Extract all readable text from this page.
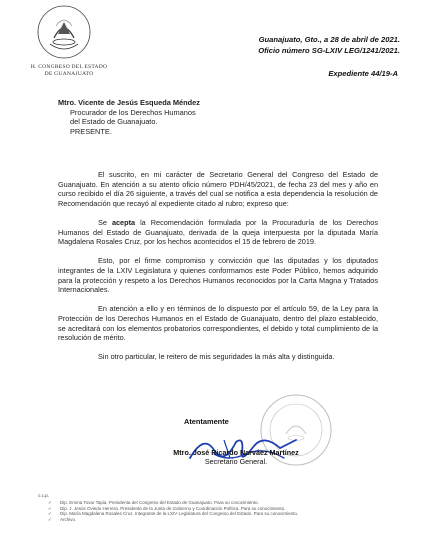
H. CONGRESO DEL ESTADO
DE GUANAJUATO
Guanajuato, Gto., a 28 de abril de 2021.
Oficio número SG-LXIV LEG/1241/2021.
Expediente 44/19-A
Mtro. Vicente de Jesús Esqueda Méndez
Procurador de los Derechos Humanos
del Estado de Guanajuato.
PRESENTE.

El suscrito, en mi carácter de Secretario General del Congreso del Estado de Guanajuato. En atención a su atento oficio número PDH/45/2021, de fecha 23 del mes y año en curso recibido el día 26 siguiente, a través del cual se notifica a esta dependencia la resolución de Recomendación que recayó al expediente citado al rubro; expreso que:

Se acepta la Recomendación formulada por la Procuraduría de los Derechos Humanos del Estado de Guanajuato, derivada de la queja interpuesta por la diputada María Magdalena Rosales Cruz, por los hechos acontecidos el 15 de febrero de 2019.

Esto, por el firme compromiso y convicción que las diputadas y los diputados integrantes de la LXIV Legislatura y quienes conformamos este Poder Público, hemos adquirido para la protección y respeto a los Derechos Humanos reconocidos por la Carta Magna y Tratados Internacionales.

En atención a ello y en términos de lo dispuesto por el artículo 59, de la Ley para la Protección de los Derechos Humanos en el Estado de Guanajuato, dentro del plazo establecido, se acreditará con los elementos probatorios correspondientes, el debido y total cumplimiento de la resolución de mérito.

Sin otro particular, le reitero de mis seguridades la más alta y distinguida.

Atentamente
Mtro. José Ricardo Narváez Martínez
Secretario General.
c.c.p.
✓ Dip. Emma Tovar Tapia. Presidenta del Congreso del Estado de Guanajuato. Para su conocimiento.
✓ Dip. J. Jesús Oviedo Herrera. Presidente de la Junta de Gobierno y Coordinación Política. Para su conocimiento.
✓ Dip. María Magdalena Rosales Cruz. Integrante de la LXIV Legislatura del Congreso del Estado. Para su conocimiento.
✓ Archivo.
